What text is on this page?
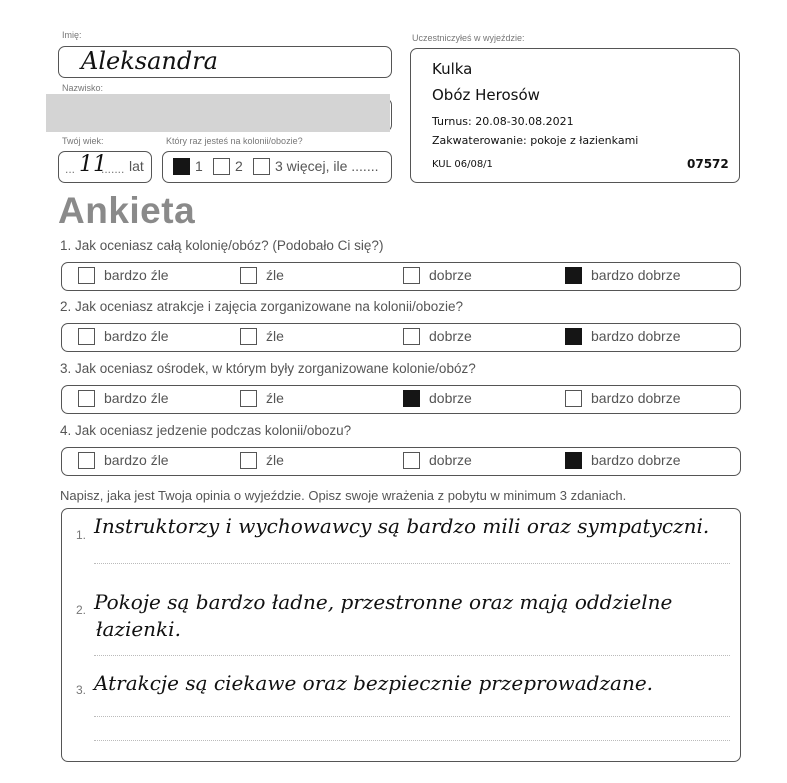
Imię:
Aleksandra
Nazwisko:
Twój wiek:
... 11
....... lat
Który raz jesteś na kolonii/obozie?
1 2 3 więcej, ile .......
Uczestniczyłeś w wyjeździe:
Kulka
Obóz Herosów
Turnus: 20.08-30.08.2021
Zakwaterowanie: pokoje z łazienkami
KUL 06/08/1	07572
Ankieta
1. Jak oceniasz całą kolonię/obóz? (Podobało Ci się?)
bardzo źle	źle	dobrze	bardzo dobrze
2. Jak oceniasz atrakcje i zajęcia zorganizowane na kolonii/obozie?
bardzo źle	źle	dobrze	bardzo dobrze
3. Jak oceniasz ośrodek, w którym były zorganizowane kolonie/obóz?
bardzo źle	źle	dobrze	bardzo dobrze
4. Jak oceniasz jedzenie podczas kolonii/obozu?
bardzo źle	źle	dobrze	bardzo dobrze
Napisz, jaka jest Twoja opinia o wyjeździe. Opisz swoje wrażenia z pobytu w minimum 3 zdaniach.
1. Instruktorzy i wychowawcy są bardzo mili oraz sympatyczni.
2. Pokoje są bardzo ładne, przestronne oraz mają oddzielne
łazienki.
3. Atrakcje są ciekawe oraz bezpiecznie przeprowadzane.
